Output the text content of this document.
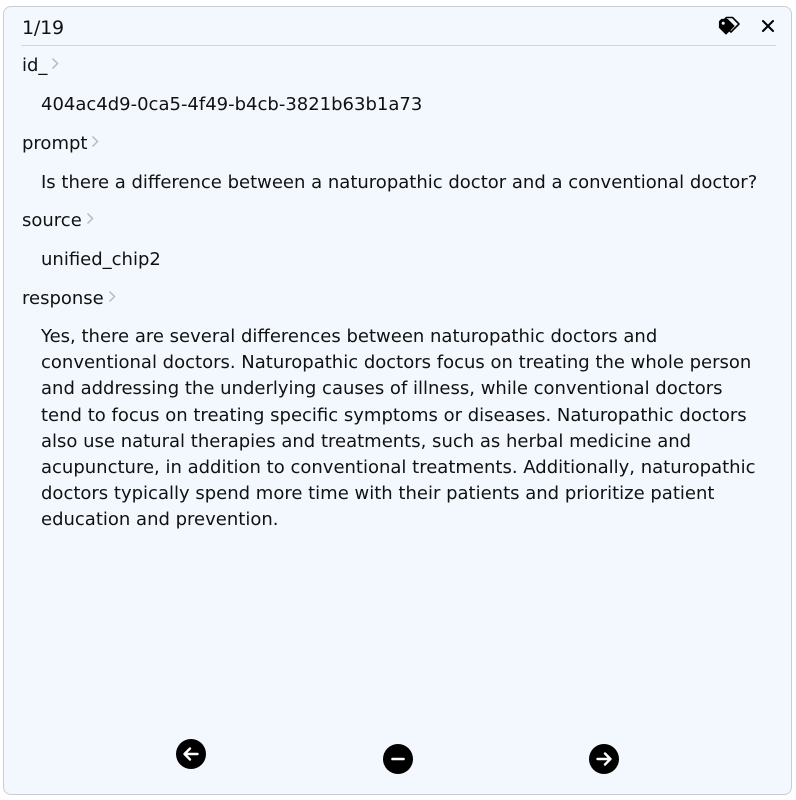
1/19
id_
404ac4d9-0ca5-4f49-b4cb-3821b63b1a73
prompt
Is there a difference between a naturopathic doctor and a conventional doctor?
source
unified_chip2
response
Yes, there are several differences between naturopathic doctors and conventional doctors. Naturopathic doctors focus on treating the whole person and addressing the underlying causes of illness, while conventional doctors tend to focus on treating specific symptoms or diseases. Naturopathic doctors also use natural therapies and treatments, such as herbal medicine and acupuncture, in addition to conventional treatments. Additionally, naturopathic doctors typically spend more time with their patients and prioritize patient education and prevention.
